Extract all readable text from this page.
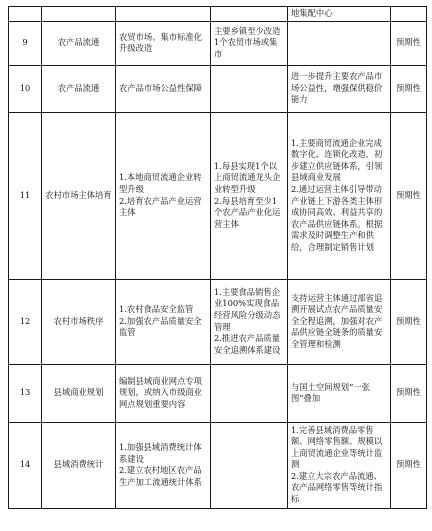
				地集配中心	
9	农产品流通	农贸市场、集市标准化升级改造	主要乡镇至少改造1个农贸市场或集市		预期性
10	农产品流通	农产品市场公益性保障		进一步提升主要农产品市场公益性，增强保供稳价能力	预期性
11	农村市场主体培育	1.本地商贸流通企业转型升级
2.培育农产品产业运营主体	1.每县实现1个以上商贸流通龙头企业转型升级
2.每县培育至少1个农产品产业化运营主体	1.主要商贸流通企业完成数字化、连锁化改造，初步建立供应链体系，引领县域商业发展
2.通过运营主体引导带动产业链上下游各类主体形成协同高效、利益共享的农产品供应链体系。根据需求及时调整生产和供给，合理制定销售计划	预期性
12	农村市场秩序	1.农村食品安全监管
2.加强农产品质量安全监管	1.主要食品销售企业100%实现食品经营风险分级动态管理
2.推进农产品质量安全追溯体系建设	支持运营主体通过部省追溯开展试点农产品质量安全全程追溯，加强对农产品供应链全链条的质量安全管理和检测	预期性
13	县域商业规划	编制县域商业网点专项规划，或纳入市级商业网点规划重要内容		与国土空间规划“一张图”叠加	预期性
14	县域消费统计	1.加强县域消费统计体系建设
2.建立农村地区农产品生产加工流通统计体系		1.完善县域消费品零售额、网络零售额、规模以上商贸流通企业等统计监测
2.建立大宗农产品流通、农产品网络零售等统计指标	预期性
